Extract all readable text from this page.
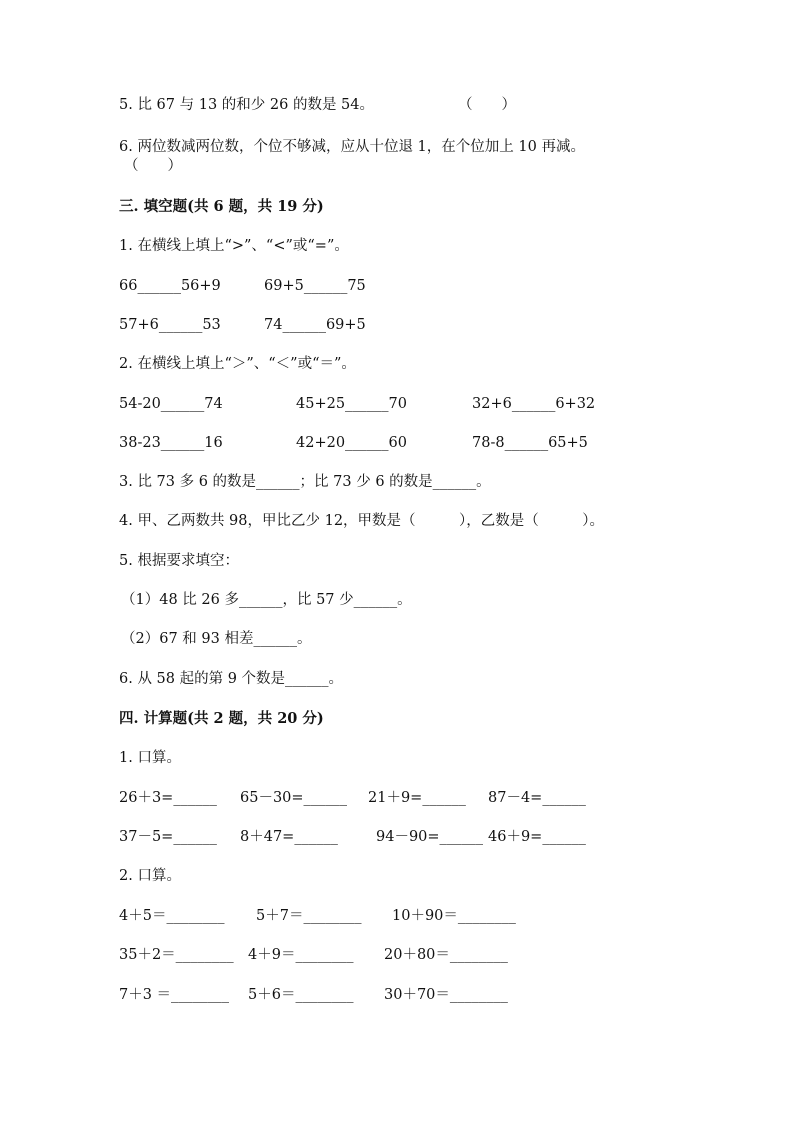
5. 比 67 与 13 的和少 26 的数是 54。	（　　）
6. 两位数减两位数，个位不够减，应从十位退 1，在个位加上 10 再减。
（　　）
三. 填空题(共 6 题，共 19 分)
1. 在横线上填上“>”、“<”或“=”。
66______56+9	69+5______75
57+6______53	74______69+5
2. 在横线上填上“＞”、“＜”或“＝”。
54-20______74	45+25______70	32+6______6+32
38-23______16	42+20______60	78-8______65+5
3. 比 73 多 6 的数是______；比 73 少 6 的数是______。
4. 甲、乙两数共 98，甲比乙少 12，甲数是（　　　），乙数是（　　　）。
5. 根据要求填空：
（1）48 比 26 多______，比 57 少______。
（2）67 和 93 相差______。
6. 从 58 起的第 9 个数是______。
四. 计算题(共 2 题，共 20 分)
1. 口算。
26＋3=______ 65－30=______ 21＋9=______ 87－4=______
37－5=______ 8＋47=______	94－90=______ 46＋9=______
2. 口算。
4＋5＝________ 5＋7＝________ 10＋90＝________
35＋2＝________ 4＋9＝________ 20＋80＝________
7＋3 ＝________ 5＋6＝________ 30＋70＝________
